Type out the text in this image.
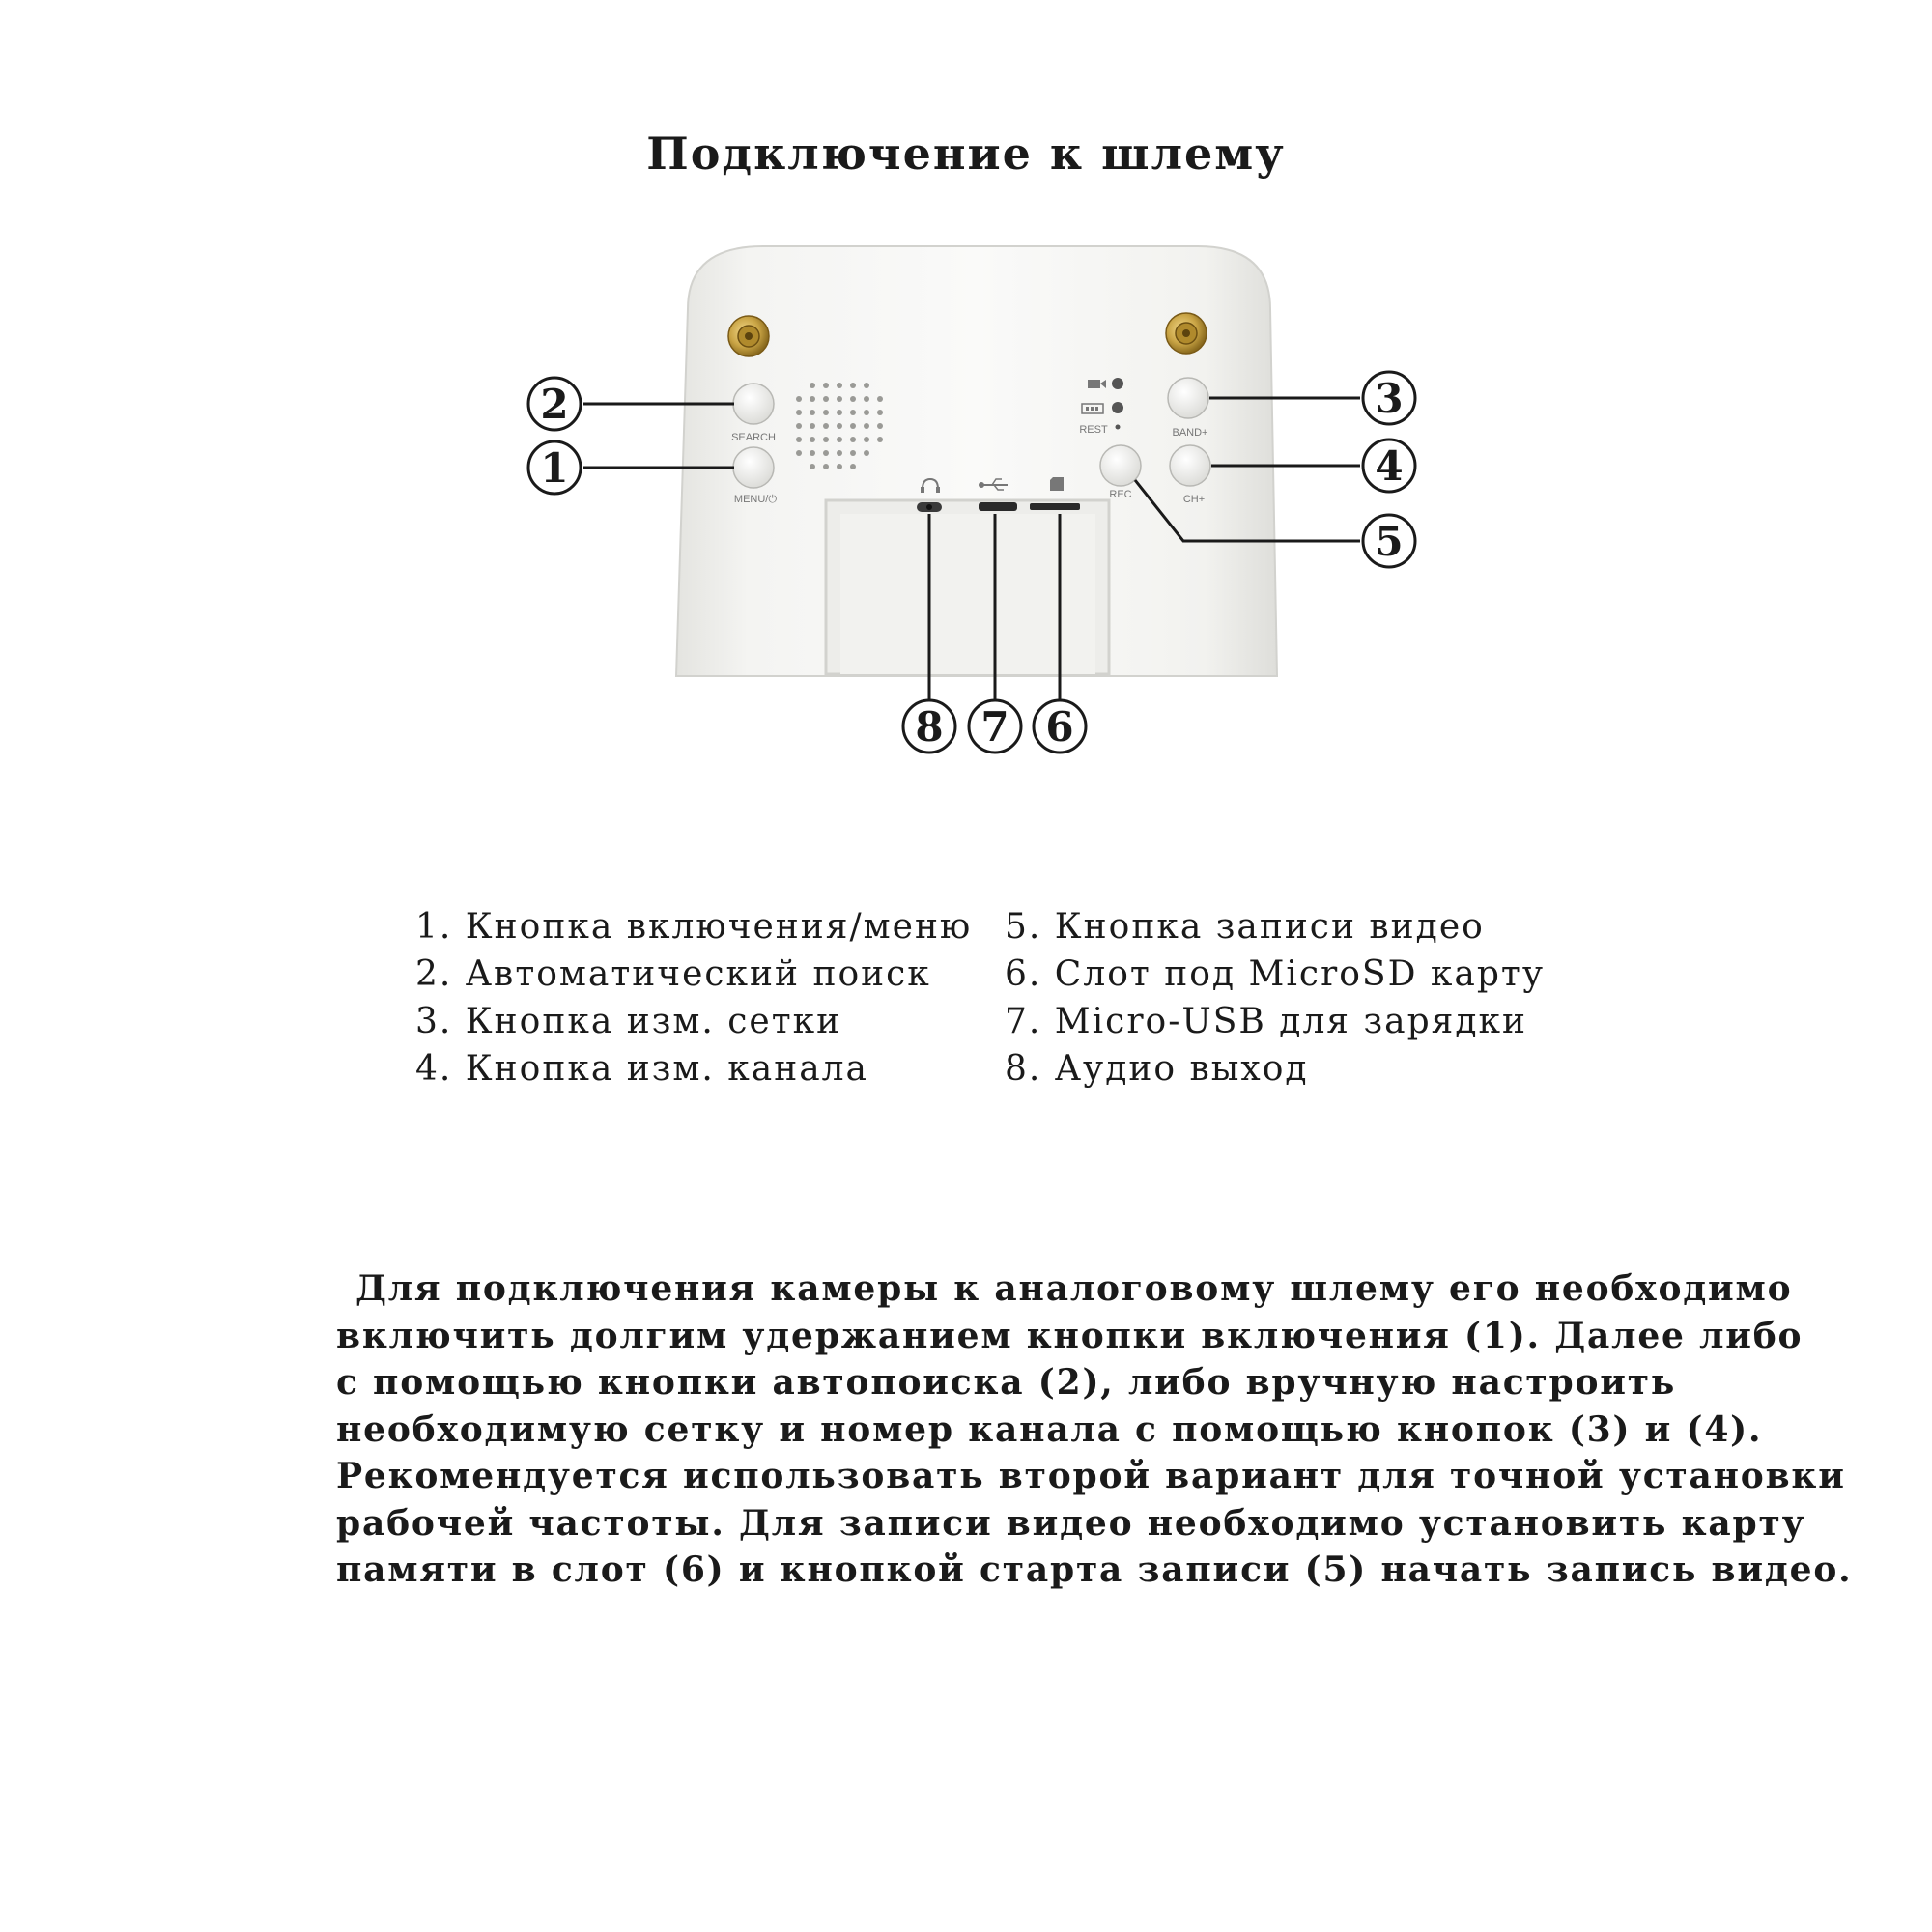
Подключение к шлему
SEARCH
MENU/⏻
BAND+
CH+
REST
REC
2
1
3
4
5
8 7 6
1. Кнопка включения/меню
2. Автоматический поиск
3. Кнопка изм. сетки
4. Кнопка изм. канала
5. Кнопка записи видео
6. Слот под MicroSD карту
7. Micro-USB для зарядки
8. Аудио выход
Для подключения камеры к аналоговому шлему его необходимо
включить долгим удержанием кнопки включения (1). Далее либо
с помощью кнопки автопоиска (2), либо вручную настроить
необходимую сетку и номер канала с помощью кнопок (3) и (4).
Рекомендуется использовать второй вариант для точной установки
рабочей частоты. Для записи видео необходимо установить карту
памяти в слот (6) и кнопкой старта записи (5) начать запись видео.
